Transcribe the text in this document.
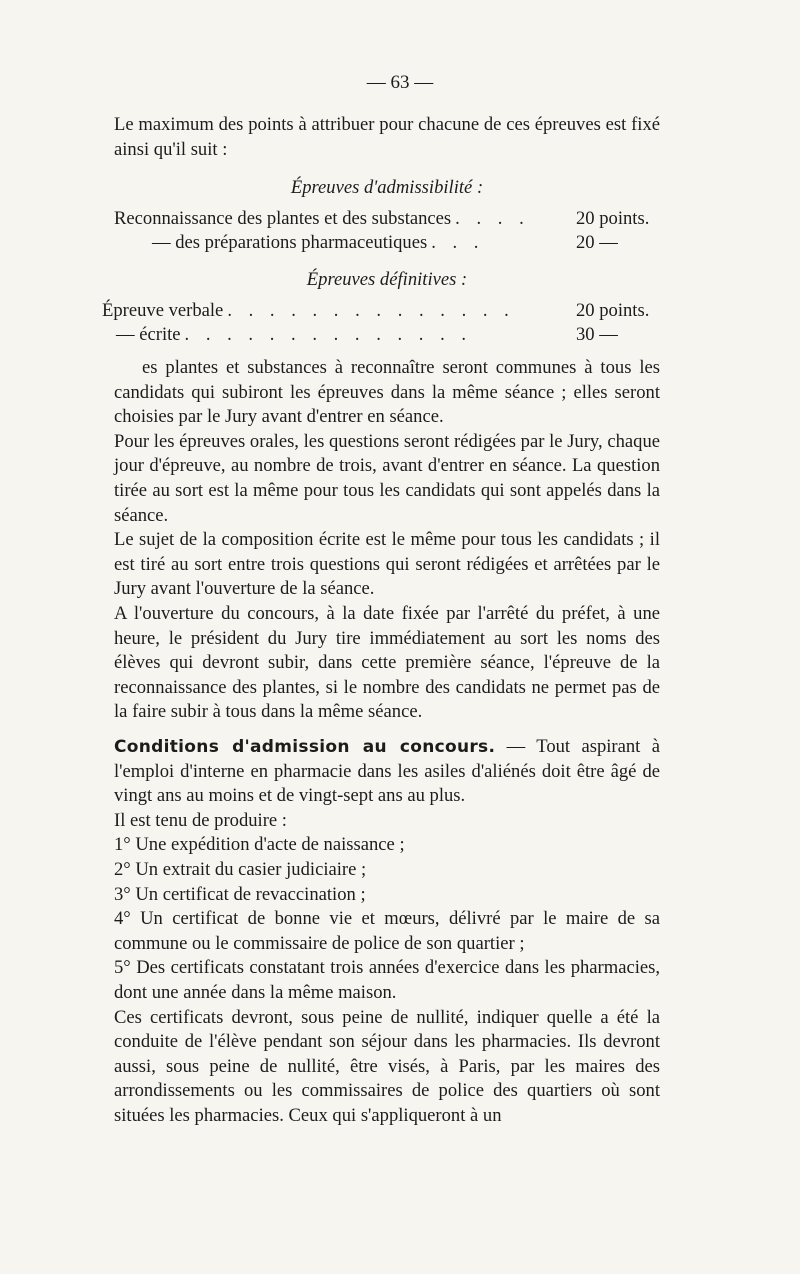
— 63 —

Le maximum des points à attribuer pour chacune de ces épreuves est fixé ainsi qu'il suit :

Épreuves d'admissibilité :

Reconnaissance des plantes et des substances . . . .	20 points.
— des préparations pharmaceutiques . . .	20 —

Épreuves définitives :

Épreuve verbale . . . . . . . . . . . . . .	20 points.
— écrite . . . . . . . . . . . . . .	30 —

es plantes et substances à reconnaître seront communes à tous les candidats qui subiront les épreuves dans la même séance ; elles seront choisies par le Jury avant d'entrer en séance.

Pour les épreuves orales, les questions seront rédigées par le Jury, chaque jour d'épreuve, au nombre de trois, avant d'entrer en séance. La question tirée au sort est la même pour tous les candidats qui sont appelés dans la séance.

Le sujet de la composition écrite est le même pour tous les candidats ; il est tiré au sort entre trois questions qui seront rédigées et arrêtées par le Jury avant l'ouverture de la séance.

A l'ouverture du concours, à la date fixée par l'arrêté du préfet, à une heure, le président du Jury tire immédiatement au sort les noms des élèves qui devront subir, dans cette première séance, l'épreuve de la reconnaissance des plantes, si le nombre des candidats ne permet pas de la faire subir à tous dans la même séance.

Conditions d'admission au concours. — Tout aspirant à l'emploi d'interne en pharmacie dans les asiles d'aliénés doit être âgé de vingt ans au moins et de vingt-sept ans au plus.

Il est tenu de produire :

1° Une expédition d'acte de naissance ;

2° Un extrait du casier judiciaire ;

3° Un certificat de revaccination ;

4° Un certificat de bonne vie et mœurs, délivré par le maire de sa commune ou le commissaire de police de son quartier ;

5° Des certificats constatant trois années d'exercice dans les pharmacies, dont une année dans la même maison.

Ces certificats devront, sous peine de nullité, indiquer quelle a été la conduite de l'élève pendant son séjour dans les pharmacies. Ils devront aussi, sous peine de nullité, être visés, à Paris, par les maires des arrondissements ou les commissaires de police des quartiers où sont situées les pharmacies. Ceux qui s'appliqueront à un
